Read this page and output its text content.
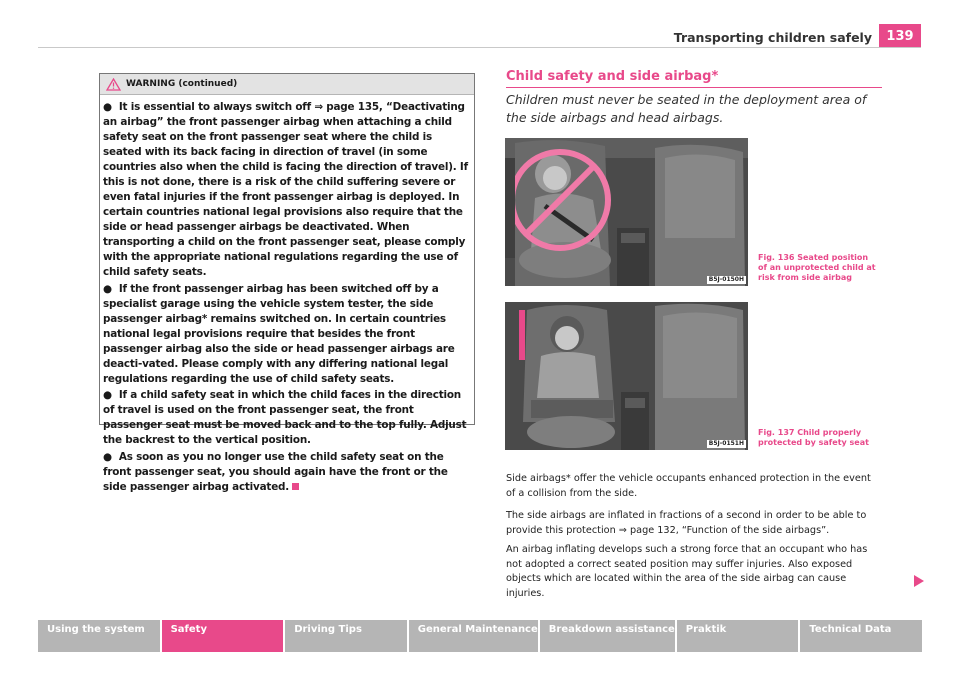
Transporting children safely	139
WARNING (continued)

● It is essential to always switch off ⇒ page 135, “Deactivating an airbag” the front passenger airbag when attaching a child safety seat on the front passenger seat where the child is seated with its back facing in direction of travel (in some countries also when the child is facing the direction of travel). If this is not done, there is a risk of the child suffering severe or even fatal injuries if the front passenger airbag is deployed. In certain countries national legal provisions also require that the side or head passenger airbags be deactivated. When transporting a child on the front passenger seat, please comply with the appropriate national regulations regarding the use of child safety seats.

● If the front passenger airbag has been switched off by a specialist garage using the vehicle system tester, the side passenger airbag* remains switched on. In certain countries national legal provisions require that besides the front passenger airbag also the side or head passenger airbags are deacti-vated. Please comply with any differing national legal regulations regarding the use of child safety seats.

● If a child safety seat in which the child faces in the direction of travel is used on the front passenger seat, the front passenger seat must be moved back and to the top fully. Adjust the backrest to the vertical position.

● As soon as you no longer use the child safety seat on the front passenger seat, you should again have the front or the side passenger airbag activated.

Child safety and side airbag*
Children must never be seated in the deployment area of the side airbags and head airbags.
B5J-0150H
Fig. 136 Seated position of an unprotected child at risk from side airbag
B5J-0151H
Fig. 137 Child properly protected by safety seat
Side airbags* offer the vehicle occupants enhanced protection in the event of a collision from the side.
The side airbags are inflated in fractions of a second in order to be able to provide this protection ⇒ page 132, “Function of the side airbags”.
An airbag inflating develops such a strong force that an occupant who has not adopted a correct seated position may suffer injuries. Also exposed objects which are located within the area of the side airbag can cause injuries.
Using the system	Safety	Driving Tips	General Maintenance	Breakdown assistance	Praktik	Technical Data
